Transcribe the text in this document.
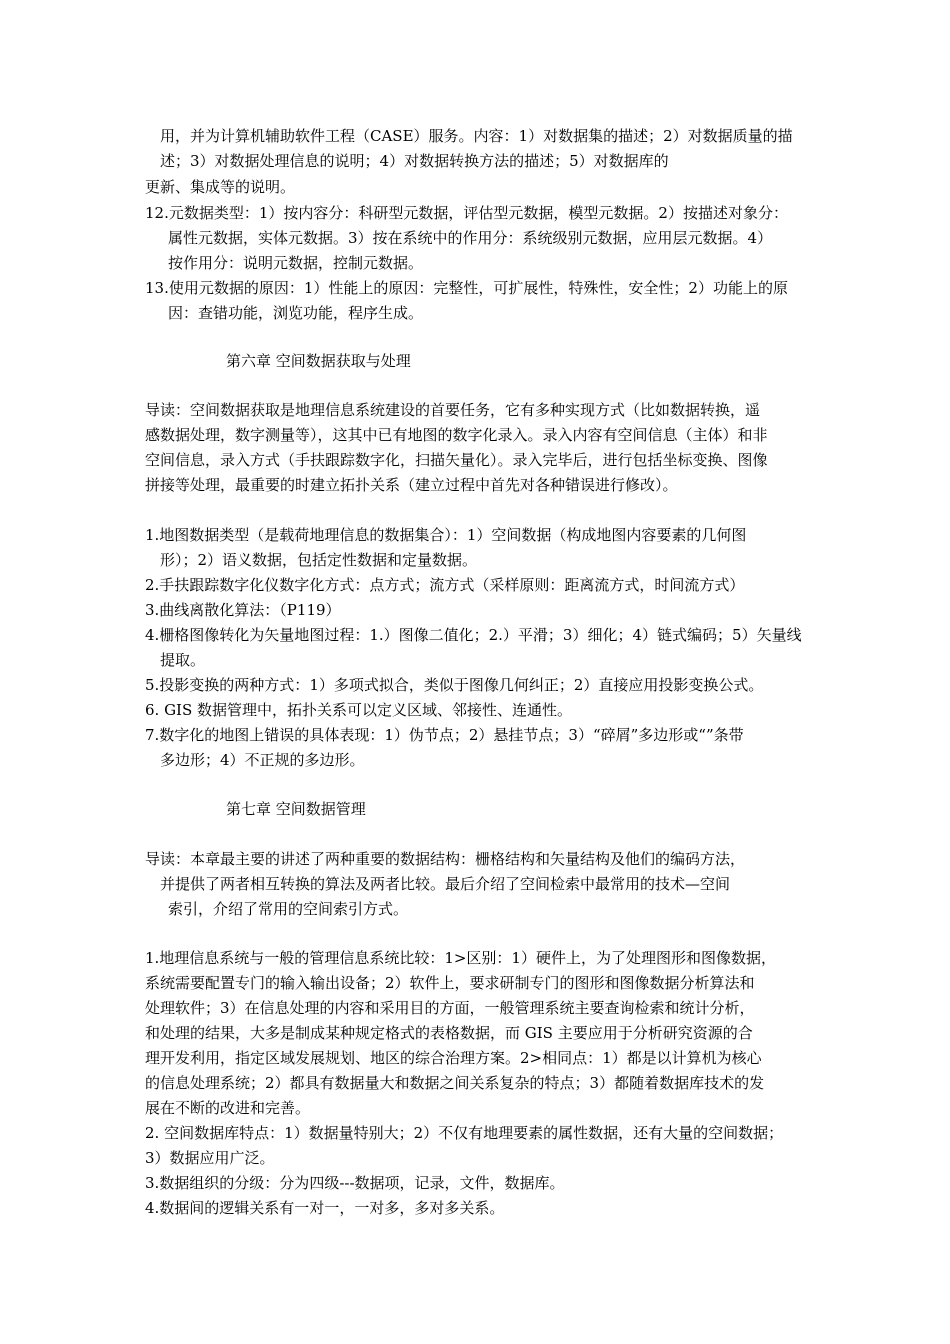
用，并为计算机辅助软件工程（CASE）服务。内容：1）对数据集的描述；2）对数据质量的描
述；3）对数据处理信息的说明；4）对数据转换方法的描述；5）对数据库的
更新、集成等的说明。
12.元数据类型：1）按内容分：科研型元数据，评估型元数据，模型元数据。2）按描述对象分：
属性元数据，实体元数据。3）按在系统中的作用分：系统级别元数据，应用层元数据。4）
按作用分：说明元数据，控制元数据。
13.使用元数据的原因：1）性能上的原因：完整性，可扩展性，特殊性，安全性；2）功能上的原
因：查错功能，浏览功能，程序生成。
第六章 空间数据获取与处理
导读：空间数据获取是地理信息系统建设的首要任务，它有多种实现方式（比如数据转换，遥
感数据处理，数字测量等），这其中已有地图的数字化录入。录入内容有空间信息（主体）和非
空间信息，录入方式（手扶跟踪数字化，扫描矢量化）。录入完毕后，进行包括坐标变换、图像
拼接等处理，最重要的时建立拓扑关系（建立过程中首先对各种错误进行修改）。
1.地图数据类型（是载荷地理信息的数据集合）：1）空间数据（构成地图内容要素的几何图
形）；2）语义数据，包括定性数据和定量数据。
2.手扶跟踪数字化仪数字化方式：点方式；流方式（采样原则：距离流方式，时间流方式）
3.曲线离散化算法：（P119）
4.栅格图像转化为矢量地图过程：1.）图像二值化；2.）平滑；3）细化；4）链式编码；5）矢量线
提取。
5.投影变换的两种方式：1）多项式拟合，类似于图像几何纠正；2）直接应用投影变换公式。
6. GIS 数据管理中，拓扑关系可以定义区域、邻接性、连通性。
7.数字化的地图上错误的具体表现：1）伪节点；2）悬挂节点；3）“碎屑”多边形或“”条带
多边形；4）不正规的多边形。
第七章 空间数据管理
导读：本章最主要的讲述了两种重要的数据结构：栅格结构和矢量结构及他们的编码方法，
并提供了两者相互转换的算法及两者比较。最后介绍了空间检索中最常用的技术—空间
索引，介绍了常用的空间索引方式。
1.地理信息系统与一般的管理信息系统比较：1>区别：1）硬件上，为了处理图形和图像数据，
系统需要配置专门的输入输出设备；2）软件上，要求研制专门的图形和图像数据分析算法和
处理软件；3）在信息处理的内容和采用目的方面，一般管理系统主要查询检索和统计分析，
和处理的结果，大多是制成某种规定格式的表格数据，而 GIS 主要应用于分析研究资源的合
理开发利用，指定区域发展规划、地区的综合治理方案。2>相同点：1）都是以计算机为核心
的信息处理系统；2）都具有数据量大和数据之间关系复杂的特点；3）都随着数据库技术的发
展在不断的改进和完善。
2. 空间数据库特点：1）数据量特别大；2）不仅有地理要素的属性数据，还有大量的空间数据；
3）数据应用广泛。
3.数据组织的分级：分为四级---数据项，记录，文件，数据库。
4.数据间的逻辑关系有一对一，一对多，多对多关系。
